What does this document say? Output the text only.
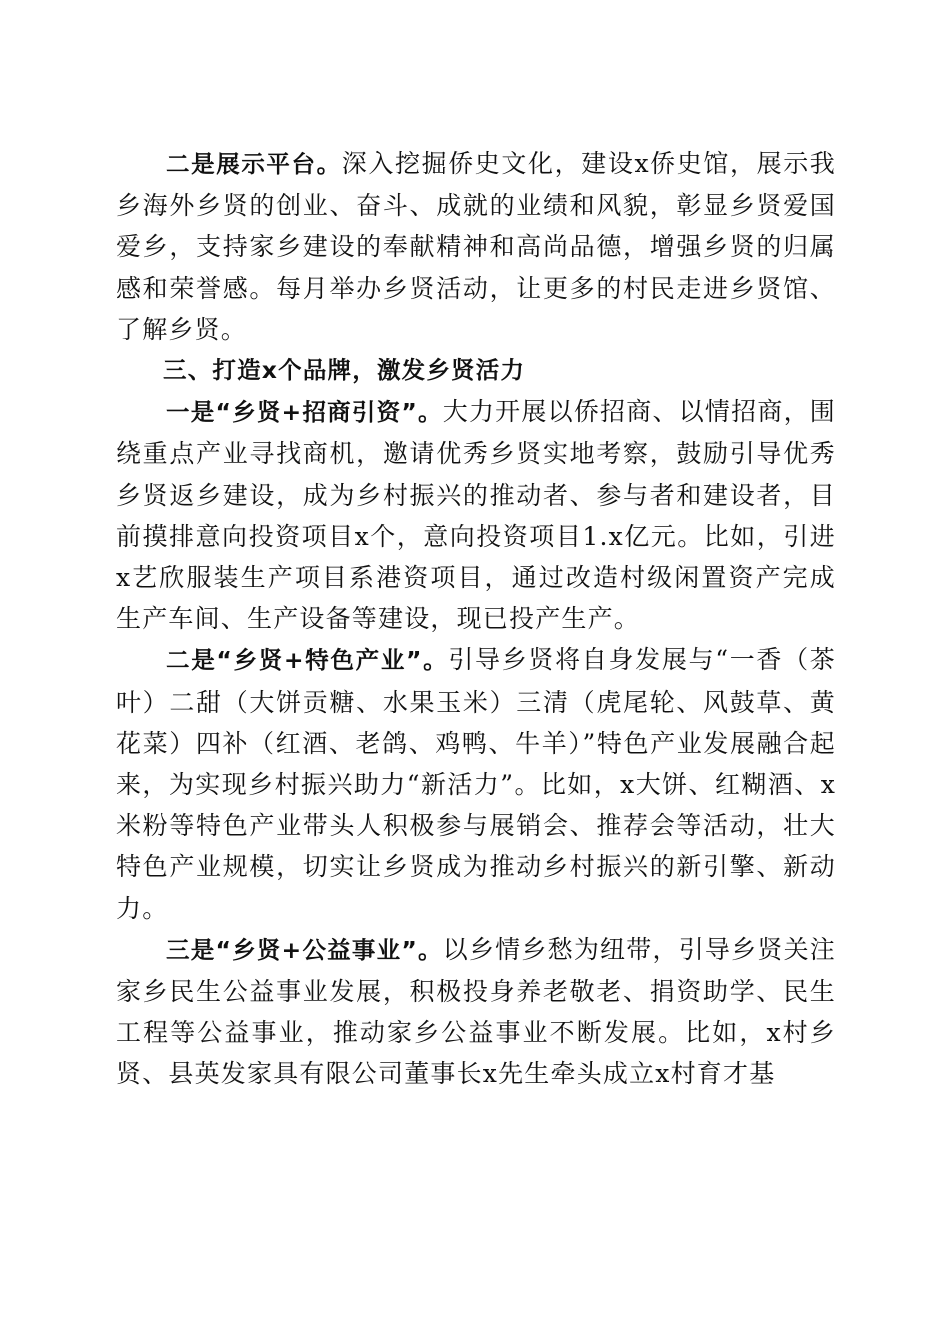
二是展示平台。深入挖掘侨史文化，建设x侨史馆，展示我乡海外乡贤的创业、奋斗、成就的业绩和风貌，彰显乡贤爱国爱乡，支持家乡建设的奉献精神和高尚品德，增强乡贤的归属感和荣誉感。每月举办乡贤活动，让更多的村民走进乡贤馆、了解乡贤。

三、打造x个品牌，激发乡贤活力

一是“乡贤+招商引资”。大力开展以侨招商、以情招商，围绕重点产业寻找商机，邀请优秀乡贤实地考察，鼓励引导优秀乡贤返乡建设，成为乡村振兴的推动者、参与者和建设者，目前摸排意向投资项目x个，意向投资项目1.x亿元。比如，引进x艺欣服装生产项目系港资项目，通过改造村级闲置资产完成生产车间、生产设备等建设，现已投产生产。

二是“乡贤+特色产业”。引导乡贤将自身发展与“一香（茶叶）二甜（大饼贡糖、水果玉米）三清（虎尾轮、风鼓草、黄花菜）四补（红酒、老鸽、鸡鸭、牛羊）”特色产业发展融合起来，为实现乡村振兴助力“新活力”。比如，x大饼、红糊酒、x米粉等特色产业带头人积极参与展销会、推荐会等活动，壮大特色产业规模，切实让乡贤成为推动乡村振兴的新引擎、新动力。

三是“乡贤+公益事业”。以乡情乡愁为纽带，引导乡贤关注家乡民生公益事业发展，积极投身养老敬老、捐资助学、民生工程等公益事业，推动家乡公益事业不断发展。比如，x村乡贤、县英发家具有限公司董事长x先生牵头成立x村育才基
